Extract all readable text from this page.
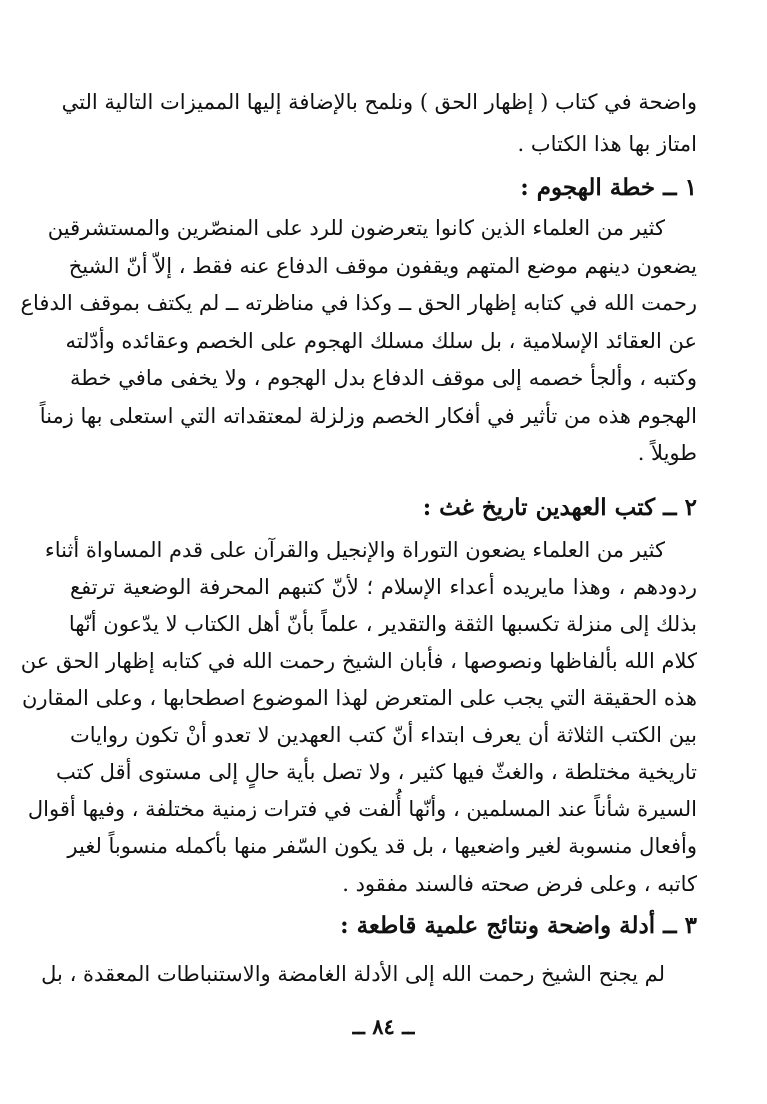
واضحة في كتاب ( إظهار الحق ) ونلمح بالإضافة إليها المميزات التالية التي
امتاز بها هذا الكتاب .
١ ــ خطة الهجوم :
كثير من العلماء الذين كانوا يتعرضون للرد على المنصّرين والمستشرقين
يضعون دينهم موضع المتهم ويقفون موقف الدفاع عنه فقط ، إلاّ أنّ الشيخ
رحمت الله في كتابه إظهار الحق ــ وكذا في مناظرته ــ لم يكتف بموقف الدفاع
عن العقائد الإسلامية ، بل سلك مسلك الهجوم على الخصم وعقائده وأدّلته
وكتبه ، وألجأ خصمه إلى موقف الدفاع بدل الهجوم ، ولا يخفى مافي خطة
الهجوم هذه من تأثير في أفكار الخصم وزلزلة لمعتقداته التي استعلى بها زمناً
طويلاً .
٢ ــ كتب العهدين تاريخ غث :
كثير من العلماء يضعون التوراة والإنجيل والقرآن على قدم المساواة أثناء
ردودهم ، وهذا مايريده أعداء الإسلام ؛ لأنّ كتبهم المحرفة الوضعية ترتفع
بذلك إلى منزلة تكسبها الثقة والتقدير ، علماً بأنّ أهل الكتاب لا يدّعون أنّها
كلام الله بألفاظها ونصوصها ، فأبان الشيخ رحمت الله في كتابه إظهار الحق عن
هذه الحقيقة التي يجب على المتعرض لهذا الموضوع اصطحابها ، وعلى المقارن
بين الكتب الثلاثة أن يعرف ابتداء أنّ كتب العهدين لا تعدو أنْ تكون روايات
تاريخية مختلطة ، والغثّ فيها كثير ، ولا تصل بأية حالٍ إلى مستوى أقل كتب
السيرة شأناً عند المسلمين ، وأنّها أُلفت في فترات زمنية مختلفة ، وفيها أقوال
وأفعال منسوبة لغير واضعيها ، بل قد يكون السّفر منها بأكمله منسوباً لغير
كاتبه ، وعلى فرض صحته فالسند مفقود .
٣ ــ أدلة واضحة ونتائج علمية قاطعة :
لم يجنح الشيخ رحمت الله إلى الأدلة الغامضة والاستنباطات المعقدة ، بل
ــ ٨٤ ــ
